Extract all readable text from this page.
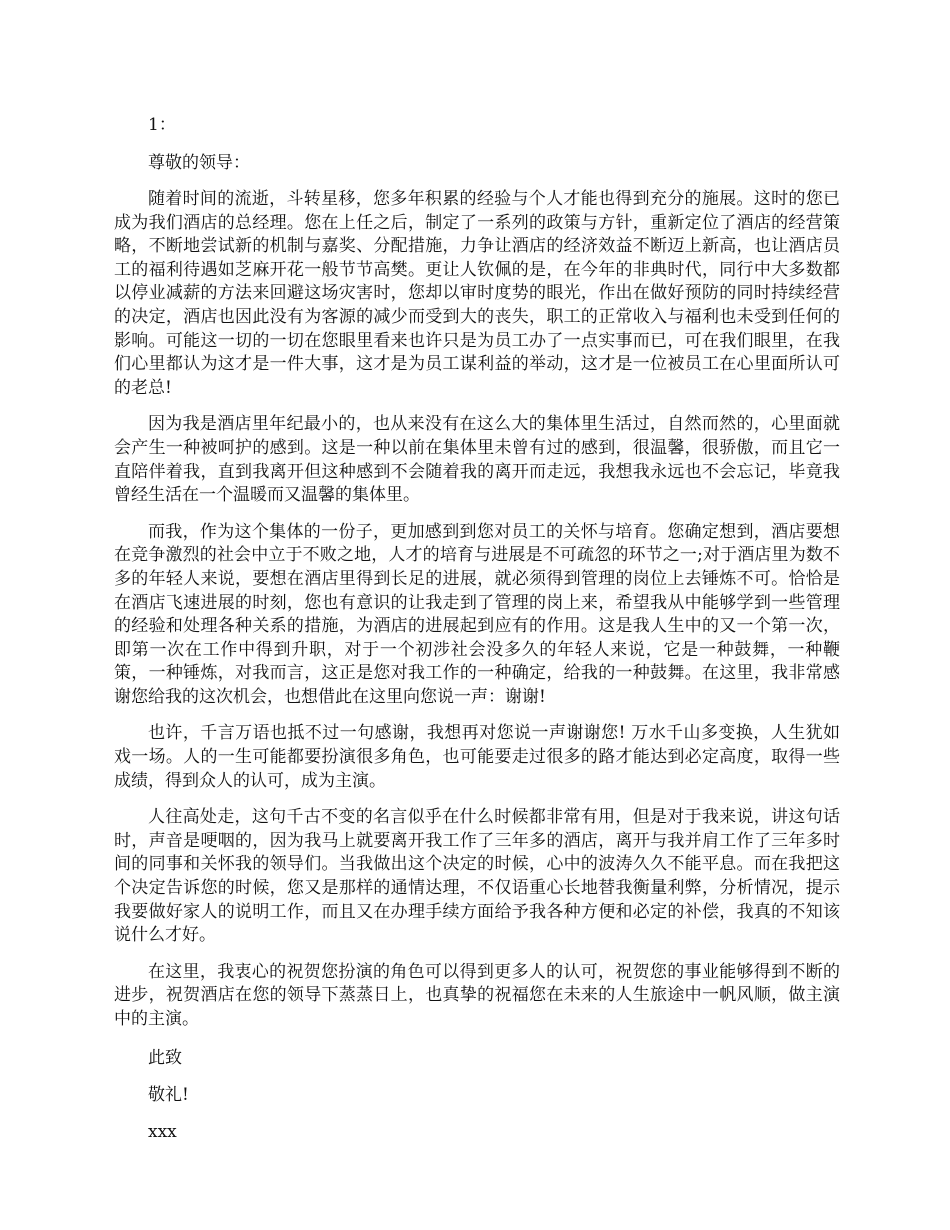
1：
尊敬的领导：

随着时间的流逝，斗转星移，您多年积累的经验与个人才能也得到充分的施展。这时的您已成为我们酒店的总经理。您在上任之后，制定了一系列的政策与方针，重新定位了酒店的经营策略，不断地尝试新的机制与嘉奖、分配措施，力争让酒店的经济效益不断迈上新高，也让酒店员工的福利待遇如芝麻开花一般节节高樊。更让人钦佩的是，在今年的非典时代，同行中大多数都以停业减薪的方法来回避这场灾害时，您却以审时度势的眼光，作出在做好预防的同时持续经营的决定，酒店也因此没有为客源的减少而受到大的丧失，职工的正常收入与福利也未受到任何的影响。可能这一切的一切在您眼里看来也许只是为员工办了一点实事而已，可在我们眼里，在我们心里都认为这才是一件大事，这才是为员工谋利益的举动，这才是一位被员工在心里面所认可的老总!

因为我是酒店里年纪最小的，也从来没有在这么大的集体里生活过，自然而然的，心里面就会产生一种被呵护的感到。这是一种以前在集体里未曾有过的感到，很温馨，很骄傲，而且它一直陪伴着我，直到我离开但这种感到不会随着我的离开而走远，我想我永远也不会忘记，毕竟我曾经生活在一个温暖而又温馨的集体里。

而我，作为这个集体的一份子，更加感到到您对员工的关怀与培育。您确定想到，酒店要想在竞争激烈的社会中立于不败之地，人才的培育与进展是不可疏忽的环节之一;对于酒店里为数不多的年轻人来说，要想在酒店里得到长足的进展，就必须得到管理的岗位上去锤炼不可。恰恰是在酒店飞速进展的时刻，您也有意识的让我走到了管理的岗上来，希望我从中能够学到一些管理的经验和处理各种关系的措施，为酒店的进展起到应有的作用。这是我人生中的又一个第一次，即第一次在工作中得到升职，对于一个初涉社会没多久的年轻人来说，它是一种鼓舞，一种鞭策，一种锤炼，对我而言，这正是您对我工作的一种确定，给我的一种鼓舞。在这里，我非常感谢您给我的这次机会，也想借此在这里向您说一声：谢谢!

也许，千言万语也抵不过一句感谢，我想再对您说一声谢谢您! 万水千山多变换，人生犹如戏一场。人的一生可能都要扮演很多角色，也可能要走过很多的路才能达到必定高度，取得一些成绩，得到众人的认可，成为主演。

人往高处走，这句千古不变的名言似乎在什么时候都非常有用，但是对于我来说，讲这句话时，声音是哽咽的，因为我马上就要离开我工作了三年多的酒店，离开与我并肩工作了三年多时间的同事和关怀我的领导们。当我做出这个决定的时候，心中的波涛久久不能平息。而在我把这个决定告诉您的时候，您又是那样的通情达理，不仅语重心长地替我衡量利弊，分析情况，提示我要做好家人的说明工作，而且又在办理手续方面给予我各种方便和必定的补偿，我真的不知该说什么才好。

在这里，我衷心的祝贺您扮演的角色可以得到更多人的认可，祝贺您的事业能够得到不断的进步，祝贺酒店在您的领导下蒸蒸日上，也真挚的祝福您在未来的人生旅途中一帆风顺，做主演中的主演。

此致
敬礼!
xxx
